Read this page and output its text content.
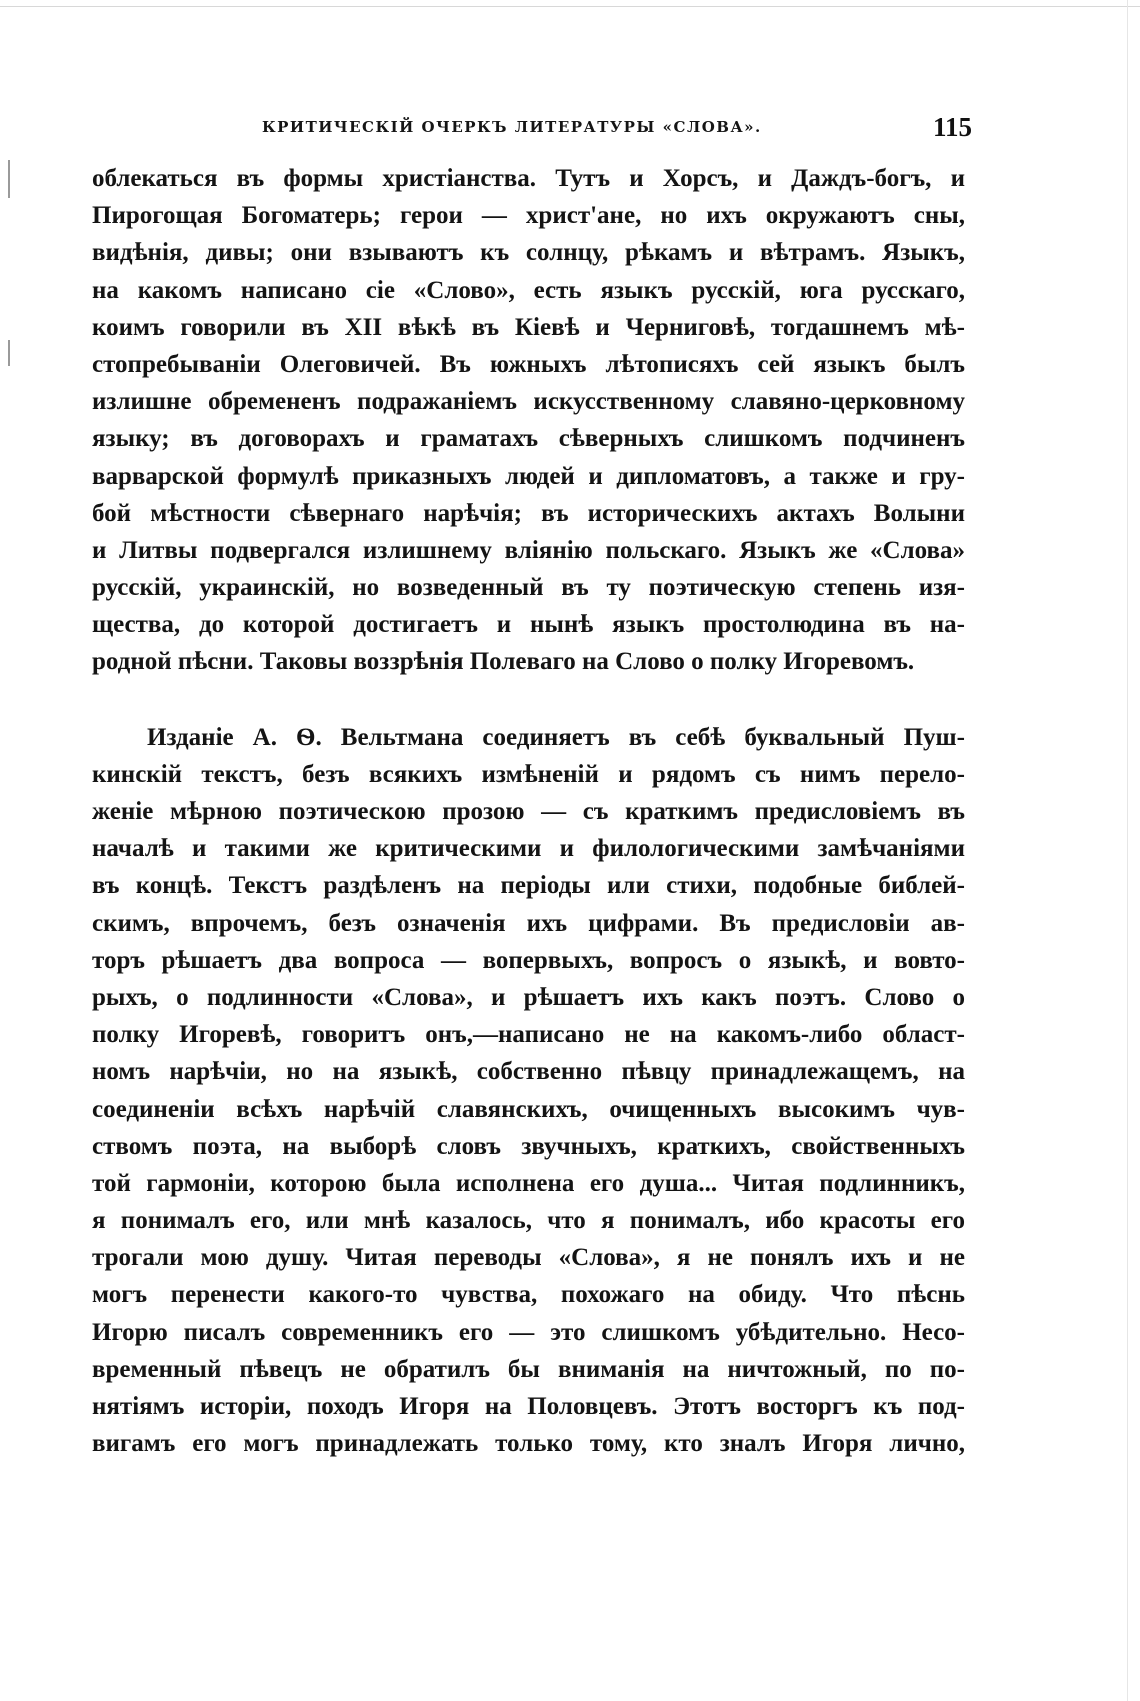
КРИТИЧЕСКІЙ ОЧЕРКЪ ЛИТЕРАТУРЫ «СЛОВА».	115
облекаться въ формы христіанства. Тутъ и Хорсъ, и Даждъ-богъ, и
Пирогощая Богоматерь; герои — христ'ане, но ихъ окружаютъ сны,
видѣнія, дивы; они взываютъ къ солнцу, рѣкамъ и вѣтрамъ. Языкъ,
на какомъ написано сіе «Слово», есть языкъ русскій, юга русскаго,
коимъ говорили въ XII вѣкѣ въ Кіевѣ и Черниговѣ, тогдашнемъ мѣ-
стопребываніи Олеговичей. Въ южныхъ лѣтописяхъ сей языкъ былъ
излишне обремененъ подражаніемъ искусственному славяно-церковному
языку; въ договорахъ и граматахъ сѣверныхъ слишкомъ подчиненъ
варварской формулѣ приказныхъ людей и дипломатовъ, а также и гру-
бой мѣстности сѣвернаго нарѣчія; въ историческихъ актахъ Волыни
и Литвы подвергался излишнему вліянію польскаго. Языкъ же «Слова»
русскій, украинскій, но возведенный въ ту поэтическую степень изя-
щества, до которой достигаетъ и нынѣ языкъ простолюдина въ на-
родной пѣсни. Таковы воззрѣнія Полеваго на Слово о полку Игоревомъ.
Изданіе А. Ѳ. Вельтмана соединяетъ въ себѣ буквальный Пуш-
кинскій текстъ, безъ всякихъ измѣненій и рядомъ съ нимъ перело-
женіе мѣрною поэтическою прозою — съ краткимъ предисловіемъ въ
началѣ и такими же критическими и филологическими замѣчаніями
въ концѣ. Текстъ раздѣленъ на періоды или стихи, подобные библей-
скимъ, впрочемъ, безъ означенія ихъ цифрами. Въ предисловіи ав-
торъ рѣшаетъ два вопроса — вопервыхъ, вопросъ о языкѣ, и вовто-
рыхъ, о подлинности «Слова», и рѣшаетъ ихъ какъ поэтъ. Слово о
полку Игоревѣ, говоритъ онъ,—написано не на какомъ-либо област-
номъ нарѣчіи, но на языкѣ, собственно пѣвцу принадлежащемъ, на
соединеніи всѣхъ нарѣчій славянскихъ, очищенныхъ высокимъ чув-
ствомъ поэта, на выборѣ словъ звучныхъ, краткихъ, свойственныхъ
той гармоніи, которою была исполнена его душа... Читая подлинникъ,
я понималъ его, или мнѣ казалось, что я понималъ, ибо красоты его
трогали мою душу. Читая переводы «Слова», я не понялъ ихъ и не
могъ перенести какого-то чувства, похожаго на обиду. Что пѣснь
Игорю писалъ современникъ его — это слишкомъ убѣдительно. Несо-
временный пѣвецъ не обратилъ бы вниманія на ничтожный, по по-
нятіямъ исторіи, походъ Игоря на Половцевъ. Этотъ восторгъ къ под-
вигамъ его могъ принадлежать только тому, кто зналъ Игоря лично,
